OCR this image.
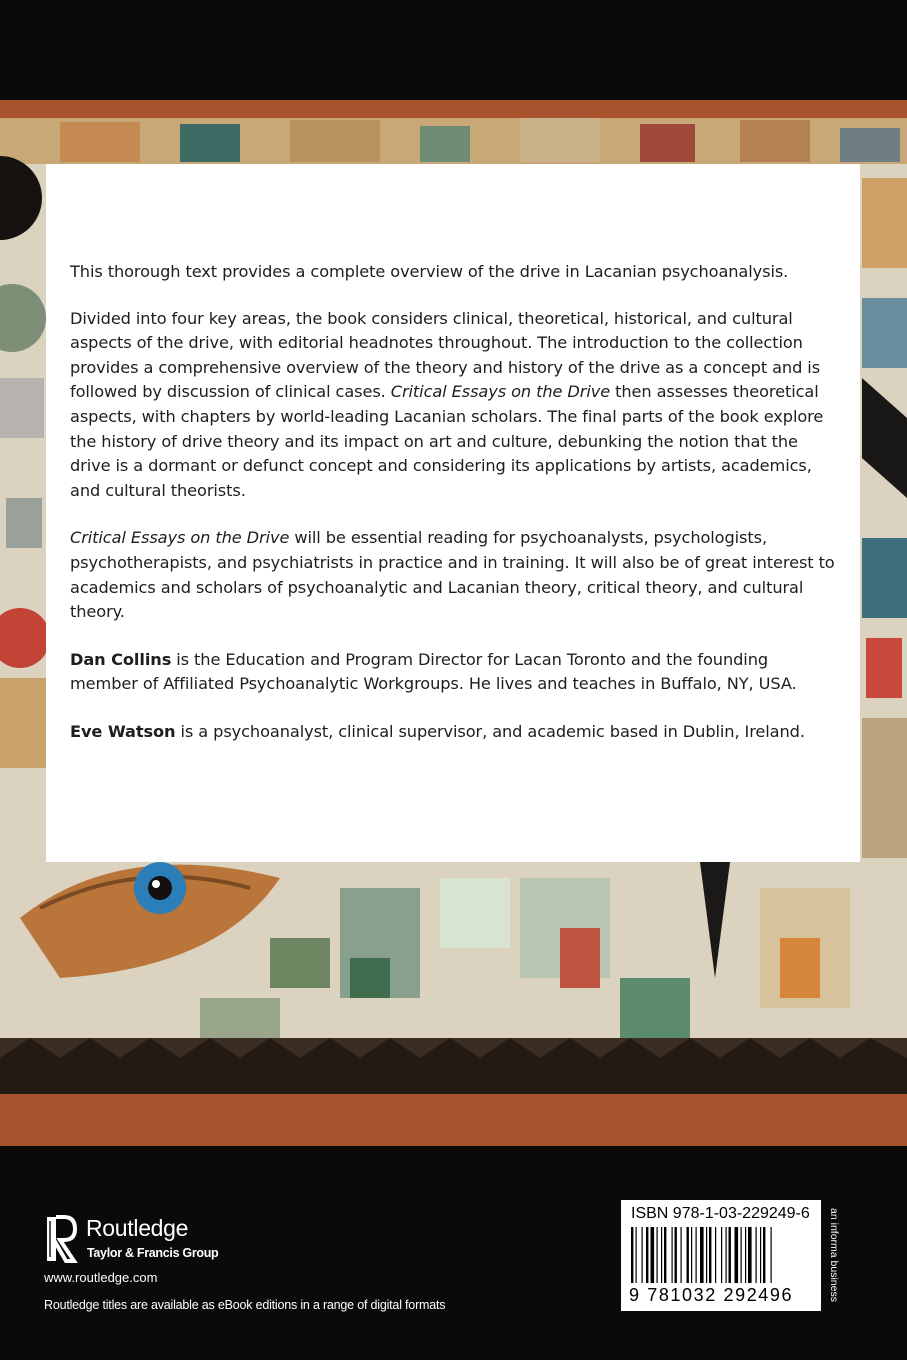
This thorough text provides a complete overview of the drive in Lacanian psychoanalysis.

Divided into four key areas, the book considers clinical, theoretical, historical, and cultural aspects of the drive, with editorial headnotes throughout. The introduction to the collection provides a comprehensive overview of the theory and history of the drive as a concept and is followed by discussion of clinical cases. Critical Essays on the Drive then assesses theoretical aspects, with chapters by world-leading Lacanian scholars. The final parts of the book explore the history of drive theory and its impact on art and culture, debunking the notion that the drive is a dormant or defunct concept and considering its applications by artists, academics, and cultural theorists.

Critical Essays on the Drive will be essential reading for psychoanalysts, psychologists, psychotherapists, and psychiatrists in practice and in training. It will also be of great interest to academics and scholars of psychoanalytic and Lacanian theory, critical theory, and cultural theory.

Dan Collins is the Education and Program Director for Lacan Toronto and the founding member of Affiliated Psychoanalytic Workgroups. He lives and teaches in Buffalo, NY, USA.

Eve Watson is a psychoanalyst, clinical supervisor, and academic based in Dublin, Ireland.

Routledge
Taylor & Francis Group
www.routledge.com
Routledge titles are available as eBook editions in a range of digital formats
ISBN 978-1-03-229249-6
9 781032 292496	an informa business
